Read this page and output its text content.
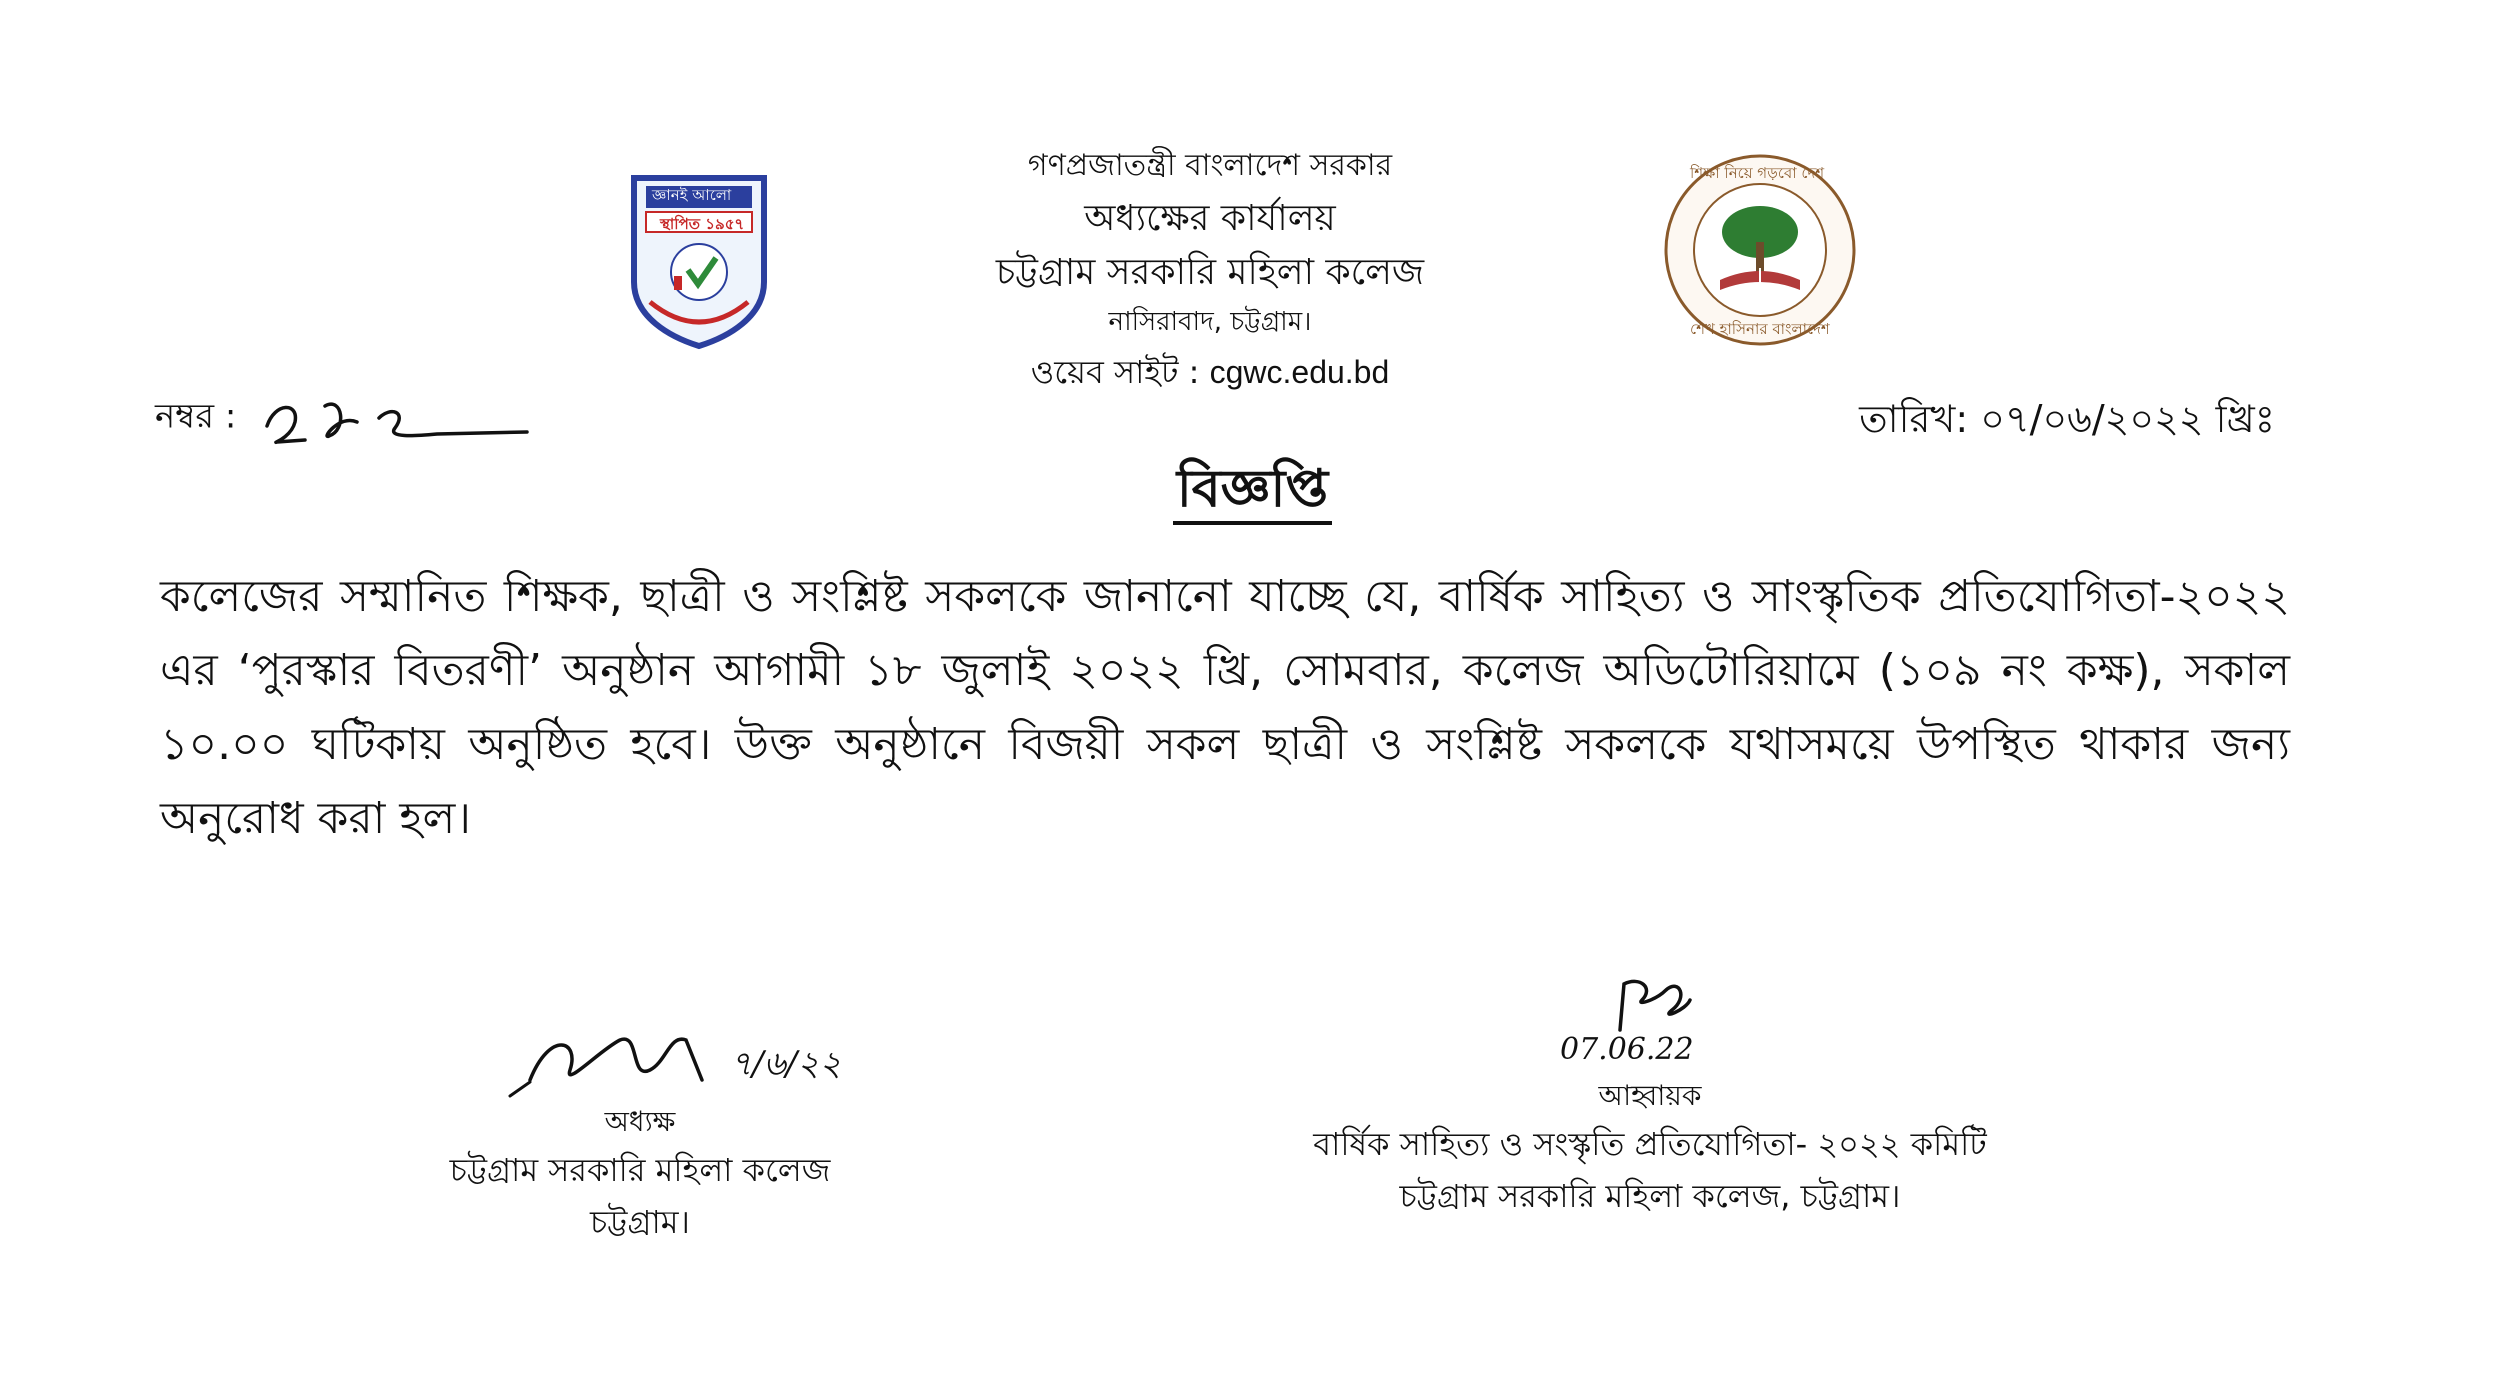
জ্ঞানই আলো
স্থাপিত ১৯৫৭
শিক্ষা নিয়ে গড়বো দেশ
শেখ হাসিনার বাংলাদেশ
গণপ্রজাতন্ত্রী বাংলাদেশ সরকার
অধ্যক্ষের কার্যালয়
চট্টগ্রাম সরকারি মহিলা কলেজ
নাসিরাবাদ, চট্টগ্রাম।
ওয়েব সাইট : cgwc.edu.bd
নম্বর :	তারিখ: ০৭/০৬/২০২২ খ্রিঃ
বিজ্ঞপ্তি
কলেজের সম্মানিত শিক্ষক, ছাত্রী ও সংশ্লিষ্ট সকলকে জানানো যাচ্ছে যে, বার্ষিক সাহিত্য ও সাংস্কৃতিক প্রতিযোগিতা-২০২২ এর ‘পুরস্কার বিতরণী’ অনুষ্ঠান আগামী ১৮ জুলাই ২০২২ খ্রি, সোমবার, কলেজ অডিটোরিয়ামে (১০৯ নং কক্ষ), সকাল ১০.০০ ঘটিকায় অনুষ্ঠিত হবে। উক্ত অনুষ্ঠানে বিজয়ী সকল ছাত্রী ও সংশ্লিষ্ট সকলকে যথাসময়ে উপস্থিত থাকার জন্য অনুরোধ করা হল।
৭/৬/২২
অধ্যক্ষ
চট্টগ্রাম সরকারি মহিলা কলেজ
চট্টগ্রাম।
07.06.22
আহ্বায়ক
বার্ষিক সাহিত্য ও সংস্কৃতি প্রতিযোগিতা- ২০২২ কমিটি
চট্টগ্রাম সরকারি মহিলা কলেজ, চট্টগ্রাম।
